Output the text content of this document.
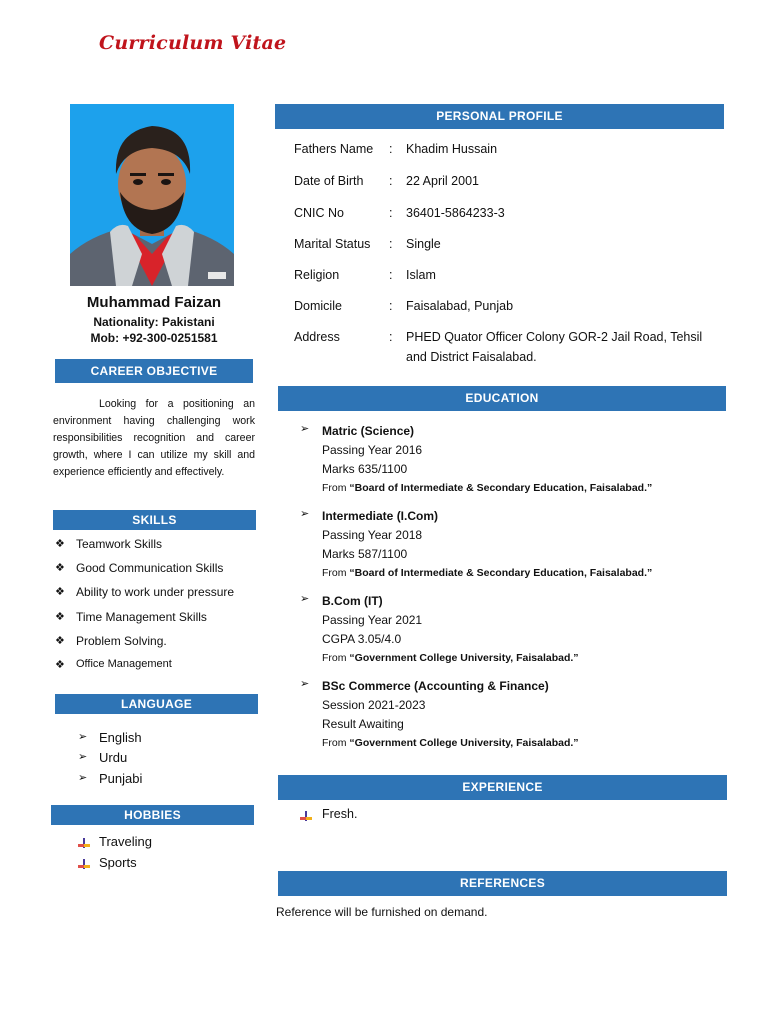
Curriculum Vitae
Muhammad Faizan
Nationality: Pakistani
Mob: +92-300-0251581
CAREER OBJECTIVE

Looking for a positioning an environment having challenging work responsibilities recognition and career growth, where I can utilize my skill and experience efficiently and effectively.

SKILLS
❖ Teamwork Skills
❖ Good Communication Skills
❖ Ability to work under pressure
❖ Time Management Skills
❖ Problem Solving.
❖ Office Management
LANGUAGE
➢ English
➢ Urdu
➢ Punjabi
HOBBIES
Traveling
Sports
PERSONAL PROFILE
Fathers Name : Khadim Hussain
Date of Birth : 22 April 2001
CNIC No	: 36401-5864233-3
Marital Status : Single
Religion	: Islam
Domicile	: Faisalabad, Punjab
Address	: PHED Quator Officer Colony GOR-2 Jail Road, Tehsil and District Faisalabad.
EDUCATION
➢ Matric (Science)
Passing Year 2016
Marks 635/1100
From “Board of Intermediate & Secondary Education, Faisalabad.”
➢ Intermediate (I.Com)
Passing Year 2018
Marks 587/1100
From “Board of Intermediate & Secondary Education, Faisalabad.”
➢ B.Com (IT)
Passing Year 2021
CGPA 3.05/4.0
From “Government College University, Faisalabad.”
➢ BSc Commerce (Accounting & Finance)
Session 2021-2023
Result Awaiting
From “Government College University, Faisalabad.”
EXPERIENCE
Fresh.
REFERENCES
Reference will be furnished on demand.
